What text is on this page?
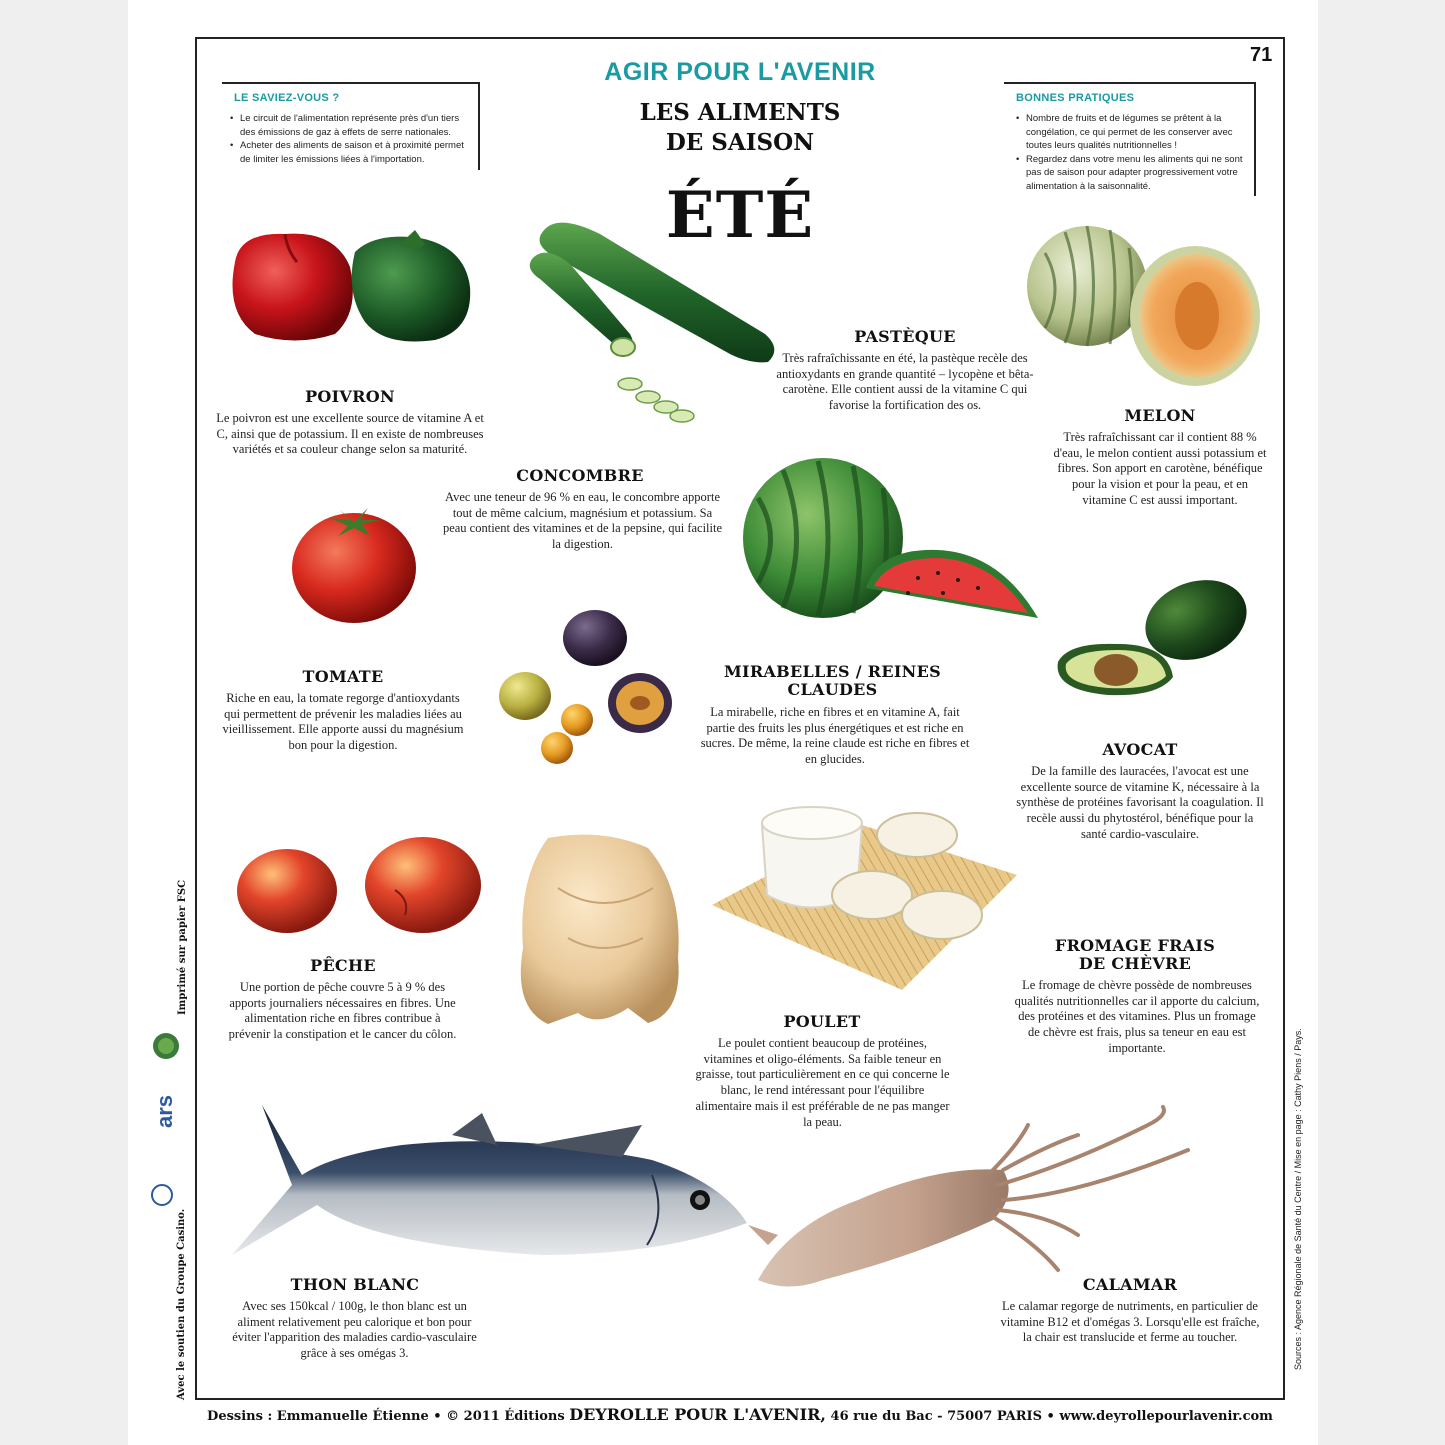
71
AGIR POUR L'AVENIR
LES ALIMENTS
DE SAISON
ÉTÉ
LE SAVIEZ-VOUS ?
• Le circuit de l'alimentation représente près d'un tiers des émissions de gaz à effets de serre nationales.
• Acheter des aliments de saison et à proximité permet de limiter les émissions liées à l'importation.
BONNES PRATIQUES
• Nombre de fruits et de légumes se prêtent à la congélation, ce qui permet de les conserver avec toutes leurs qualités nutritionnelles !
• Regardez dans votre menu les aliments qui ne sont pas de saison pour adapter progressivement votre alimentation à la saisonnalité.
POIVRON
Le poivron est une excellente source de vitamine A et C, ainsi que de potassium. Il en existe de nombreuses variétés et sa couleur change selon sa maturité.
CONCOMBRE
Avec une teneur de 96 % en eau, le concombre apporte tout de même calcium, magnésium et potassium. Sa peau contient des vitamines et de la pepsine, qui facilite la digestion.
PASTÈQUE
Très rafraîchissante en été, la pastèque recèle des antioxydants en grande quantité – lycopène et bêta-carotène. Elle contient aussi de la vitamine C qui favorise la fortification des os.
MELON
Très rafraîchissant car il contient 88 % d'eau, le melon contient aussi potassium et fibres. Son apport en carotène, bénéfique pour la vision et pour la peau, et en vitamine C est aussi important.
TOMATE
Riche en eau, la tomate regorge d'antioxydants qui permettent de prévenir les maladies liées au vieillissement. Elle apporte aussi du magnésium bon pour la digestion.
MIRABELLES / REINES CLAUDES
La mirabelle, riche en fibres et en vitamine A, fait partie des fruits les plus énergétiques et est riche en sucres. De même, la reine claude est riche en fibres et en glucides.
AVOCAT
De la famille des lauracées, l'avocat est une excellente source de vitamine K, nécessaire à la synthèse de protéines favorisant la coagulation. Il recèle aussi du phytostérol, bénéfique pour la santé cardio-vasculaire.
PÊCHE
Une portion de pêche couvre 5 à 9 % des apports journaliers nécessaires en fibres. Une alimentation riche en fibres contribue à prévenir la constipation et le cancer du côlon.
POULET
Le poulet contient beaucoup de protéines, vitamines et oligo-éléments. Sa faible teneur en graisse, tout particulièrement en ce qui concerne le blanc, le rend intéressant pour l'équilibre alimentaire mais il est préférable de ne pas manger la peau.
FROMAGE FRAIS DE CHÈVRE
Le fromage de chèvre possède de nombreuses qualités nutritionnelles car il apporte du calcium, des protéines et des vitamines. Plus un fromage de chèvre est frais, plus sa teneur en eau est importante.
THON BLANC
Avec ses 150kcal / 100g, le thon blanc est un aliment relativement peu calorique et bon pour éviter l'apparition des maladies cardio-vasculaire grâce à ses omégas 3.
CALAMAR
Le calamar regorge de nutriments, en particulier de vitamine B12 et d'omégas 3. Lorsqu'elle est fraîche, la chair est translucide et ferme au toucher.
Dessins : Emmanuelle Étienne • © 2011 Éditions DEYROLLE POUR L'AVENIR, 46 rue du Bac - 75007 PARIS • www.deyrollepourlavenir.com
Avec le soutien du Groupe Casino.
Imprimé sur papier FSC
ars	Sources : Agence Régionale de Santé du Centre / Mise en page : Cathy Piens / Pays.
